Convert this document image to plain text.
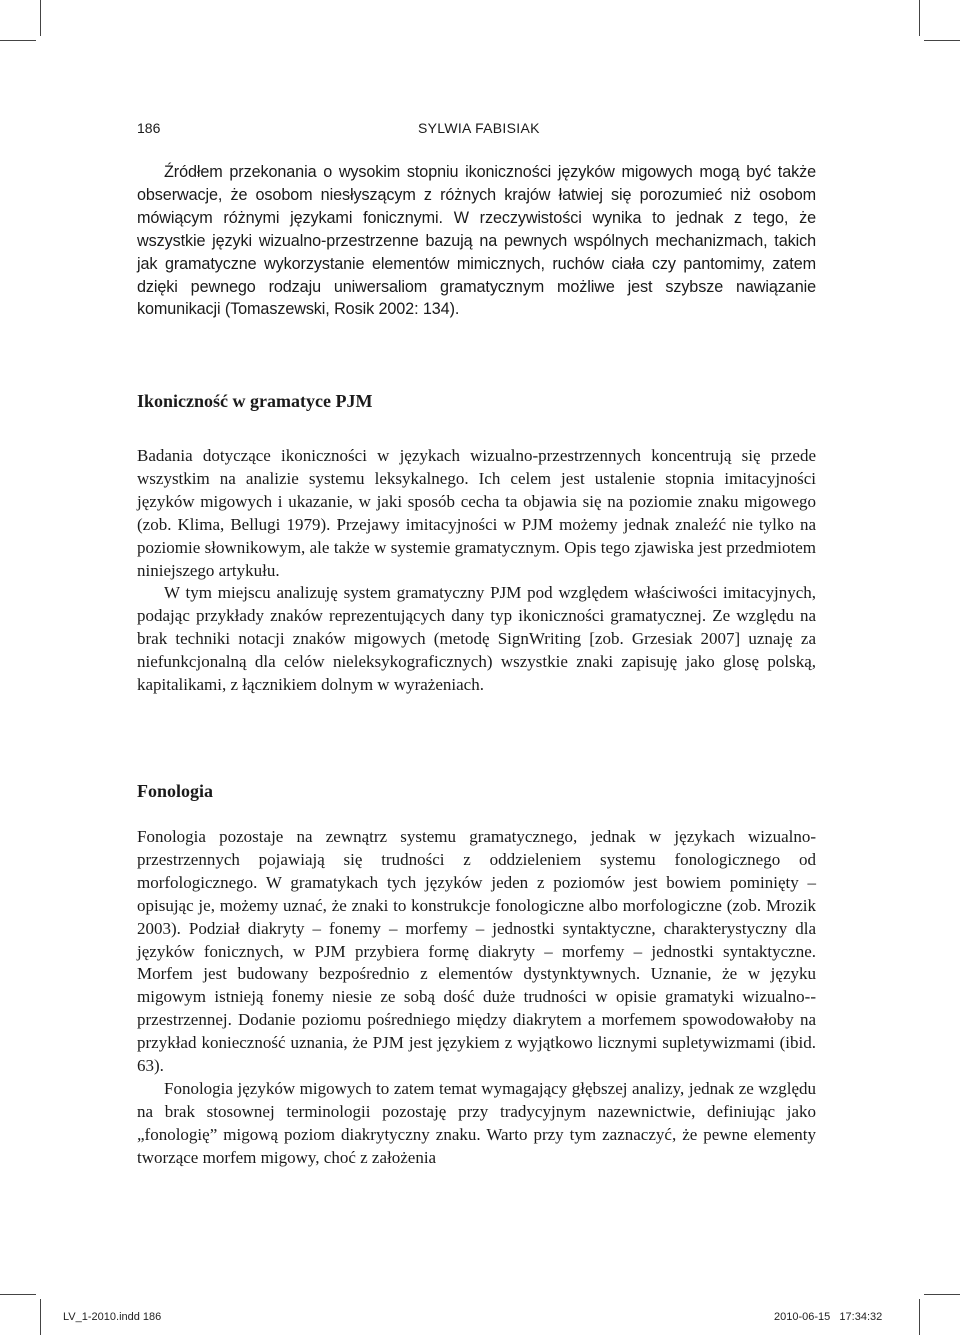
186	SYLWIA FABISIAK

Źródłem przekonania o wysokim stopniu ikoniczności języków migowych mogą być także obserwacje, że osobom niesłyszącym z różnych krajów łatwiej się porozumieć niż osobom mówiącym różnymi językami fonicznymi. W rzeczywistości wynika to jednak z tego, że wszystkie języki wizualno-przestrzenne bazują na pewnych wspólnych mechanizmach, takich jak gramatyczne wykorzystanie elementów mimicznych, ruchów ciała czy pantomimy, zatem dzięki pewnego rodzaju uniwersaliom gramatycznym możliwe jest szybsze nawiązanie komunikacji (Tomaszewski, Rosik 2002: 134).

Ikoniczność w gramatyce PJM

Badania dotyczące ikoniczności w językach wizualno-przestrzennych koncentrują się przede wszystkim na analizie systemu leksykalnego. Ich celem jest ustalenie stopnia imitacyjności języków migowych i ukazanie, w jaki sposób cecha ta objawia się na poziomie znaku migowego (zob. Klima, Bellugi 1979). Przejawy imitacyjności w PJM możemy jednak znaleźć nie tylko na poziomie słownikowym, ale także w systemie gramatycznym. Opis tego zjawiska jest przedmiotem niniejszego artykułu.

W tym miejscu analizuję system gramatyczny PJM pod względem właściwości imitacyjnych, podając przykłady znaków reprezentujących dany typ ikoniczności gramatycznej. Ze względu na brak techniki notacji znaków migowych (metodę SignWriting [zob. Grzesiak 2007] uznaję za niefunkcjonalną dla celów nieleksykograficznych) wszystkie znaki zapisuję jako glosę polską, kapitalikami, z łącznikiem dolnym w wyrażeniach.

Fonologia

Fonologia pozostaje na zewnątrz systemu gramatycznego, jednak w językach wizualno-przestrzennych pojawiają się trudności z oddzieleniem systemu fonologicznego od morfologicznego. W gramatykach tych języków jeden z poziomów jest bowiem pominięty – opisując je, możemy uznać, że znaki to konstrukcje fonologiczne albo morfologiczne (zob. Mrozik 2003). Podział diakryty – fonemy – morfemy – jednostki syntaktyczne, charakterystyczny dla języków fonicznych, w PJM przybiera formę diakryty – morfemy – jednostki syntaktyczne. Morfem jest budowany bezpośrednio z elementów dystynktywnych. Uznanie, że w języku migowym istnieją fonemy niesie ze sobą dość duże trudności w opisie gramatyki wizualno-​-przestrzennej. Dodanie poziomu pośredniego między diakrytem a morfemem spowodowałoby na przykład konieczność uznania, że PJM jest językiem z wyjątkowo licznymi supletywizmami (ibid. 63).

Fonologia języków migowych to zatem temat wymagający głębszej analizy, jednak ze względu na brak stosownej terminologii pozostaję przy tradycyjnym nazewnictwie, definiując jako „fonologię” migową poziom diakrytyczny znaku. Warto przy tym zaznaczyć, że pewne elementy tworzące morfem migowy, choć z założenia

LV_1-2010.indd 186	2010-06-15   17:34:32
